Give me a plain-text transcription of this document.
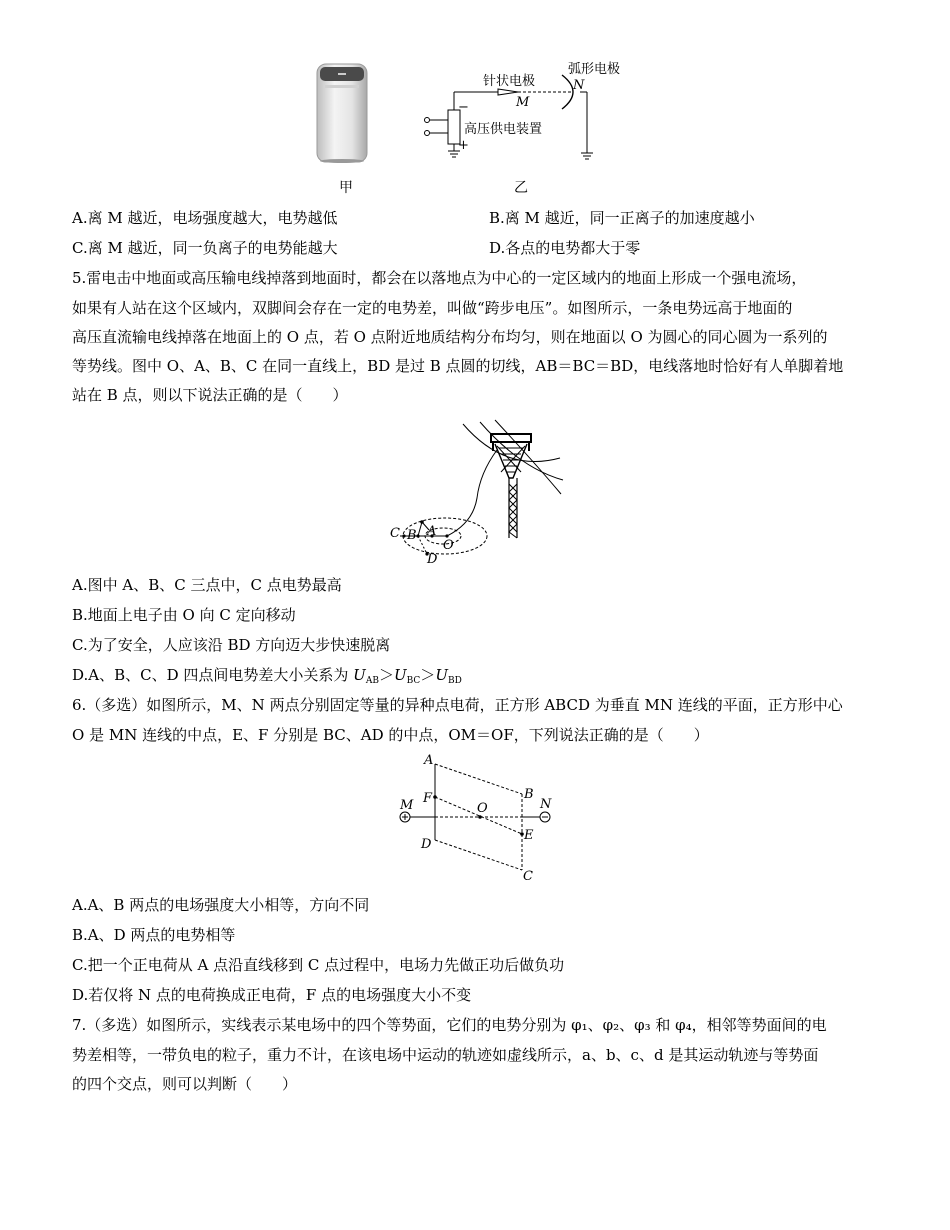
针状电极
弧形电极
M
N
高压供电装置
−
+
甲	乙
A.离 M 越近，电场强度越大，电势越低	B.离 M 越近，同一正离子的加速度越小
C.离 M 越近，同一负离子的电势能越大	D.各点的电势都大于零
5.雷电击中地面或高压输电线掉落到地面时，都会在以落地点为中心的一定区域内的地面上形成一个强电流场，
如果有人站在这个区域内，双脚间会存在一定的电势差，叫做“跨步电压”。如图所示，一条电势远高于地面的
高压直流输电线掉落在地面上的 O 点，若 O 点附近地质结构分布均匀，则在地面以 O 为圆心的同心圆为一系列的
等势线。图中 O、A、B、C 在同一直线上，BD 是过 B 点圆的切线，AB＝BC＝BD，电线落地时恰好有人单脚着地
站在 B 点，则以下说法正确的是（　　）
C B A
O
D
A.图中 A、B、C 三点中，C 点电势最高
B.地面上电子由 O 向 C 定向移动
C.为了安全，人应该沿 BD 方向迈大步快速脱离
D.A、B、C、D 四点间电势差大小关系为 $U_{AB}>U_{BC}>U_{BD}$
6.（多选）如图所示，M、N 两点分别固定等量的异种点电荷，正方形 ABCD 为垂直 MN 连线的平面，正方形中心
O 是 MN 连线的中点，E、F 分别是 BC、AD 的中点，OM＝OF，下列说法正确的是（　　）
A
B
C
D
E
F
M	N
O
A.A、B 两点的电场强度大小相等，方向不同
B.A、D 两点的电势相等
C.把一个正电荷从 A 点沿直线移到 C 点过程中，电场力先做正功后做负功
D.若仅将 N 点的电荷换成正电荷，F 点的电场强度大小不变
7.（多选）如图所示，实线表示某电场中的四个等势面，它们的电势分别为 φ₁、φ₂、φ₃ 和 φ₄，相邻等势面间的电
势差相等，一带负电的粒子，重力不计，在该电场中运动的轨迹如虚线所示，a、b、c、d 是其运动轨迹与等势面
的四个交点，则可以判断（　　）
